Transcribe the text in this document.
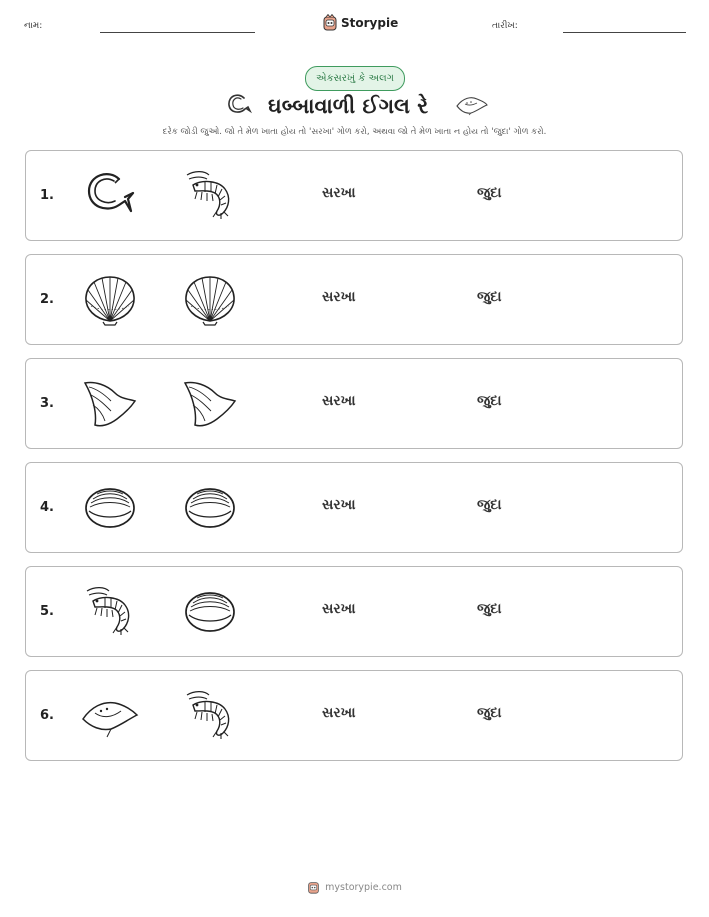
નામ:	Storypie	તારીખ:
એકસરખું કે અલગ
ઘબ્બાવાળી ઈગલ રે
દરેક જોડી જુઓ. જો તે મેળ ખાતા હોય તો 'સરખા' ગોળ કરો, અથવા જો તે મેળ ખાતા ન હોય તો 'જુદા' ગોળ કરો.
1.	સરખા	જુદા
2.	સરખા	જુદા
3.	સરખા	જુદા
4.	સરખા	જુદા
5.	સરખા	જુદા
6.	સરખા	જુદા
mystorypie.com
